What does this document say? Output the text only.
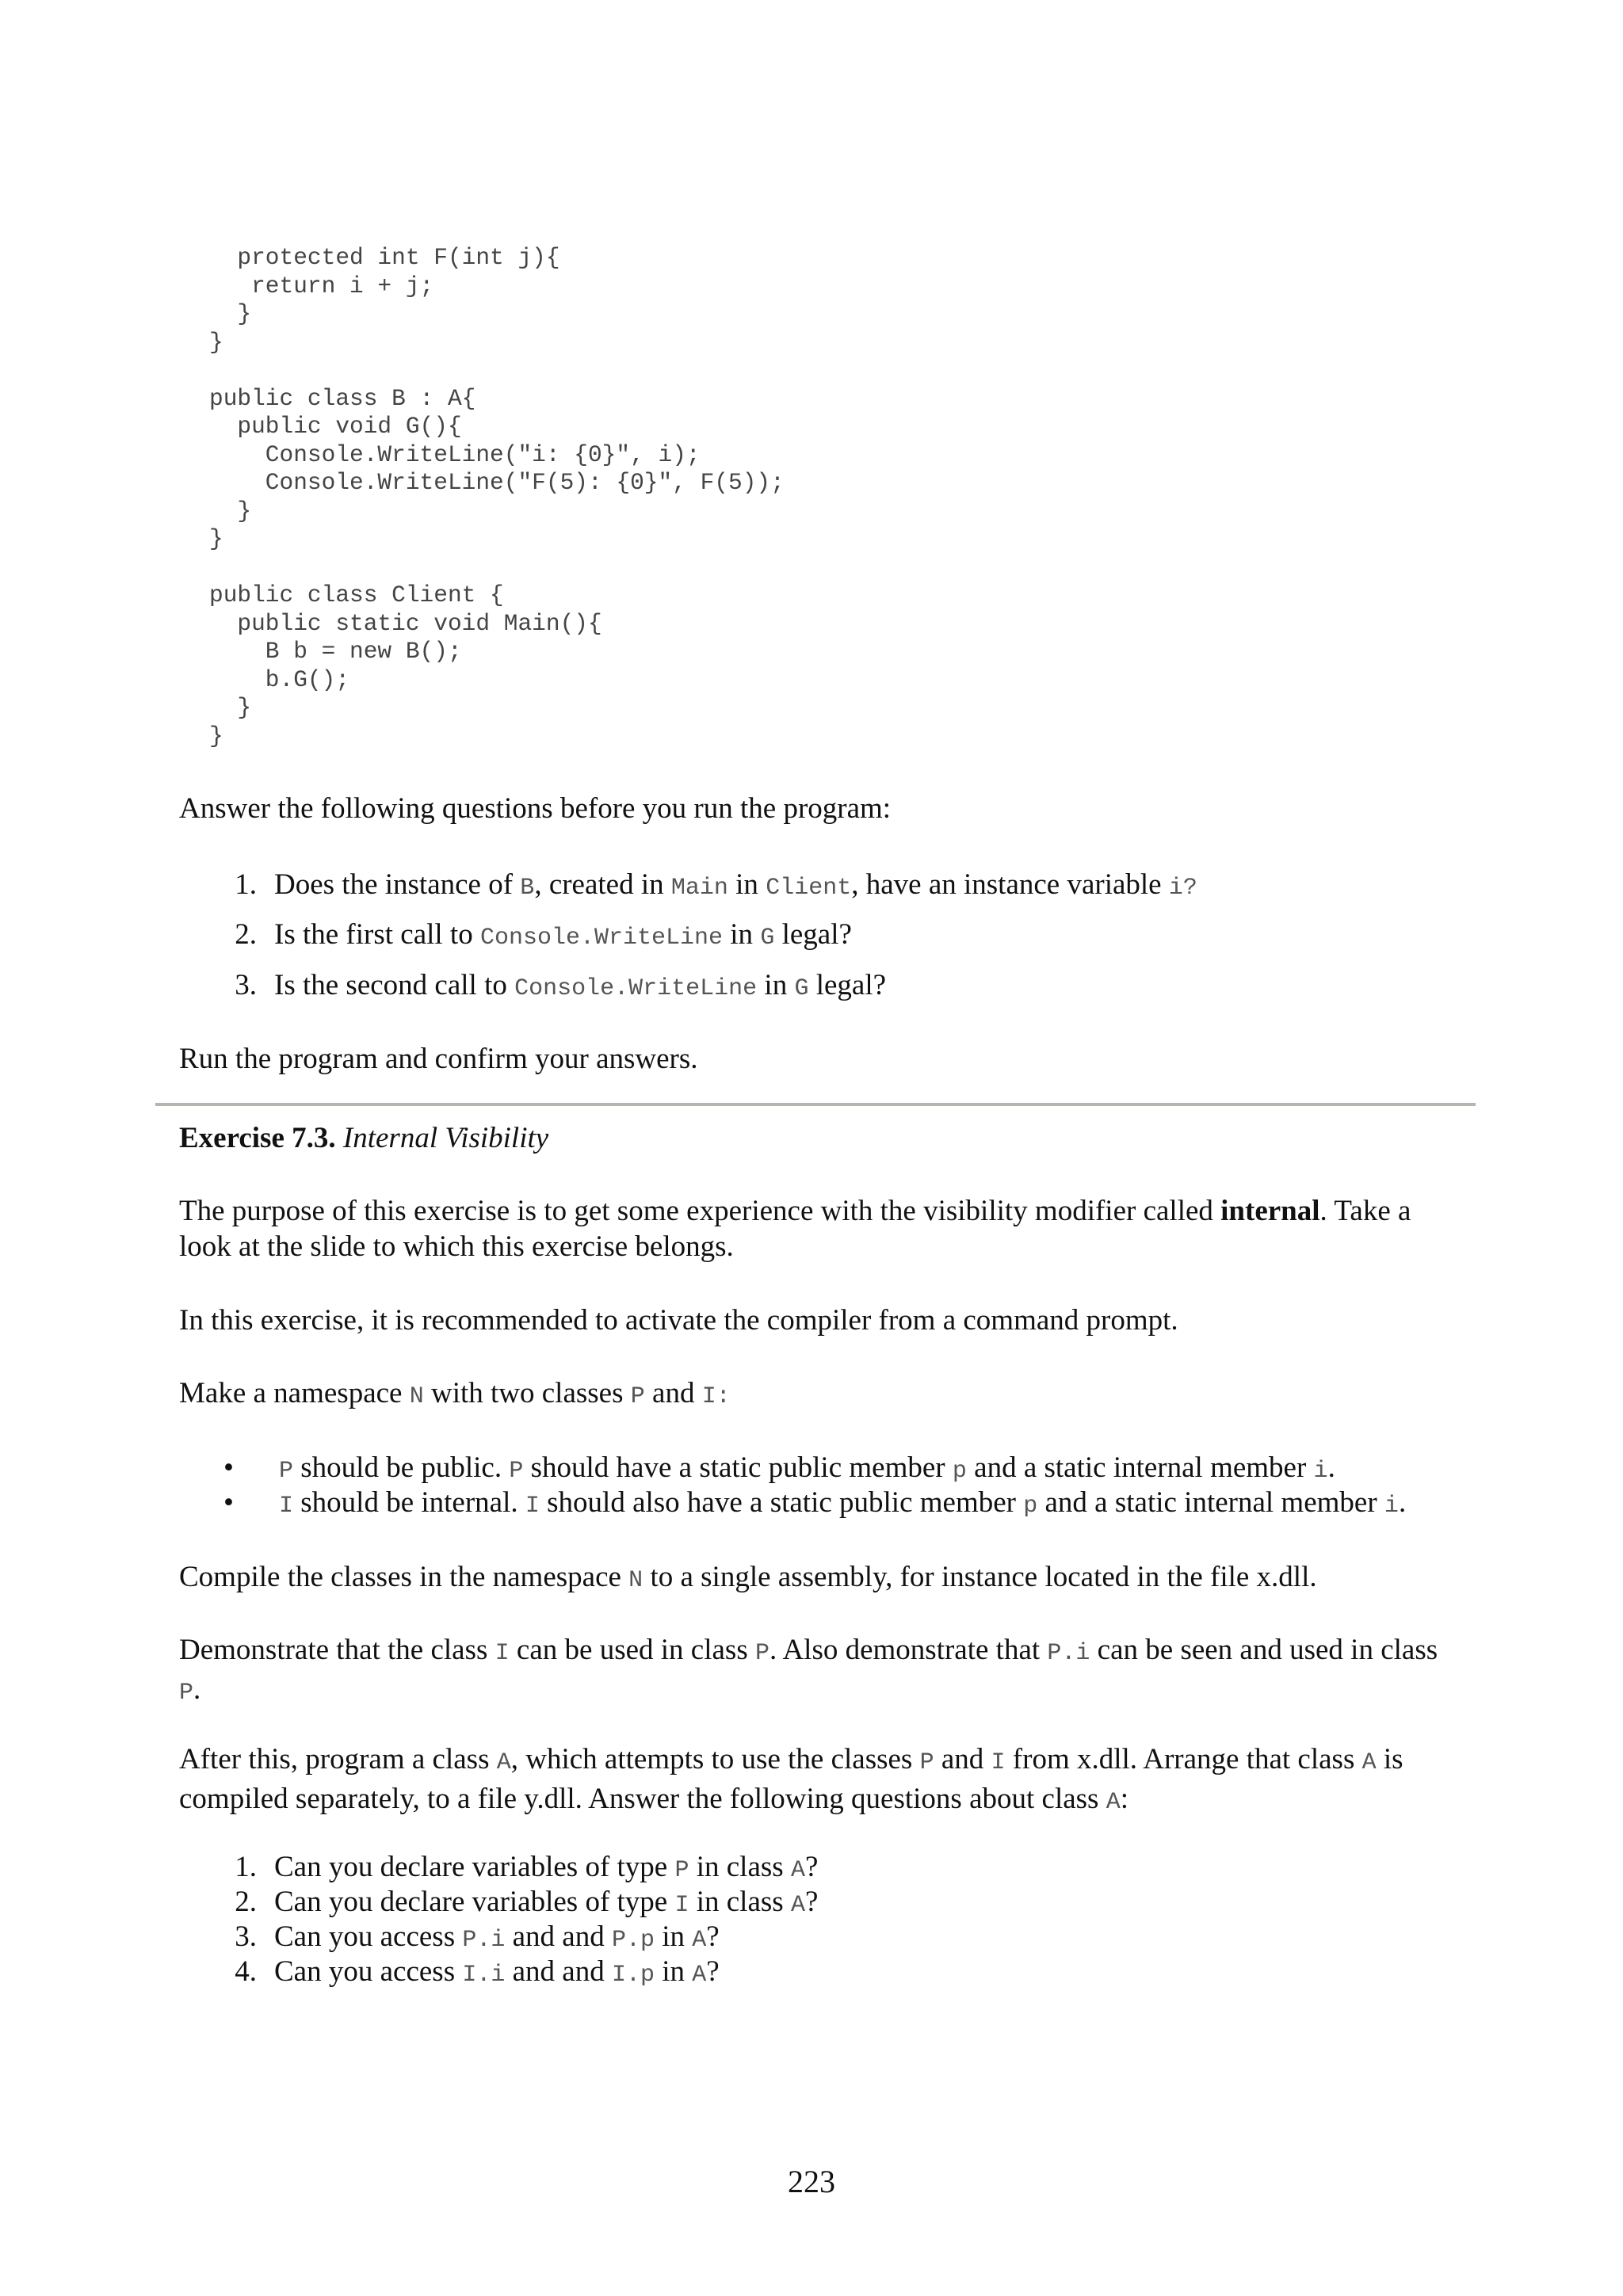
protected int F(int j){
return i + j;
}
}
public class B : A{
public void G(){
Console.WriteLine("i: {0}", i);
Console.WriteLine("F(5): {0}", F(5));
}
}
public class Client {
public static void Main(){
B b = new B();
b.G();
}
}
Answer the following questions before you run the program:
1. Does the instance of B, created in Main in Client, have an instance variable i?
2. Is the first call to Console.WriteLine in G legal?
3. Is the second call to Console.WriteLine in G legal?
Run the program and confirm your answers.
Exercise 7.3. Internal Visibility
The purpose of this exercise is to get some experience with the visibility modifier called internal. Take a look at the slide to which this exercise belongs.
In this exercise, it is recommended to activate the compiler from a command prompt.
Make a namespace N with two classes P and I:
• P should be public. P should have a static public member p and a static internal member i.
• I should be internal. I should also have a static public member p and a static internal member i.
Compile the classes in the namespace N to a single assembly, for instance located in the file x.dll.
Demonstrate that the class I can be used in class P. Also demonstrate that P.i can be seen and used in class P.
After this, program a class A, which attempts to use the classes P and I from x.dll. Arrange that class A is compiled separately, to a file y.dll. Answer the following questions about class A:
1. Can you declare variables of type P in class A?
2. Can you declare variables of type I in class A?
3. Can you access P.i and and P.p in A?
4. Can you access I.i and and I.p in A?
223
